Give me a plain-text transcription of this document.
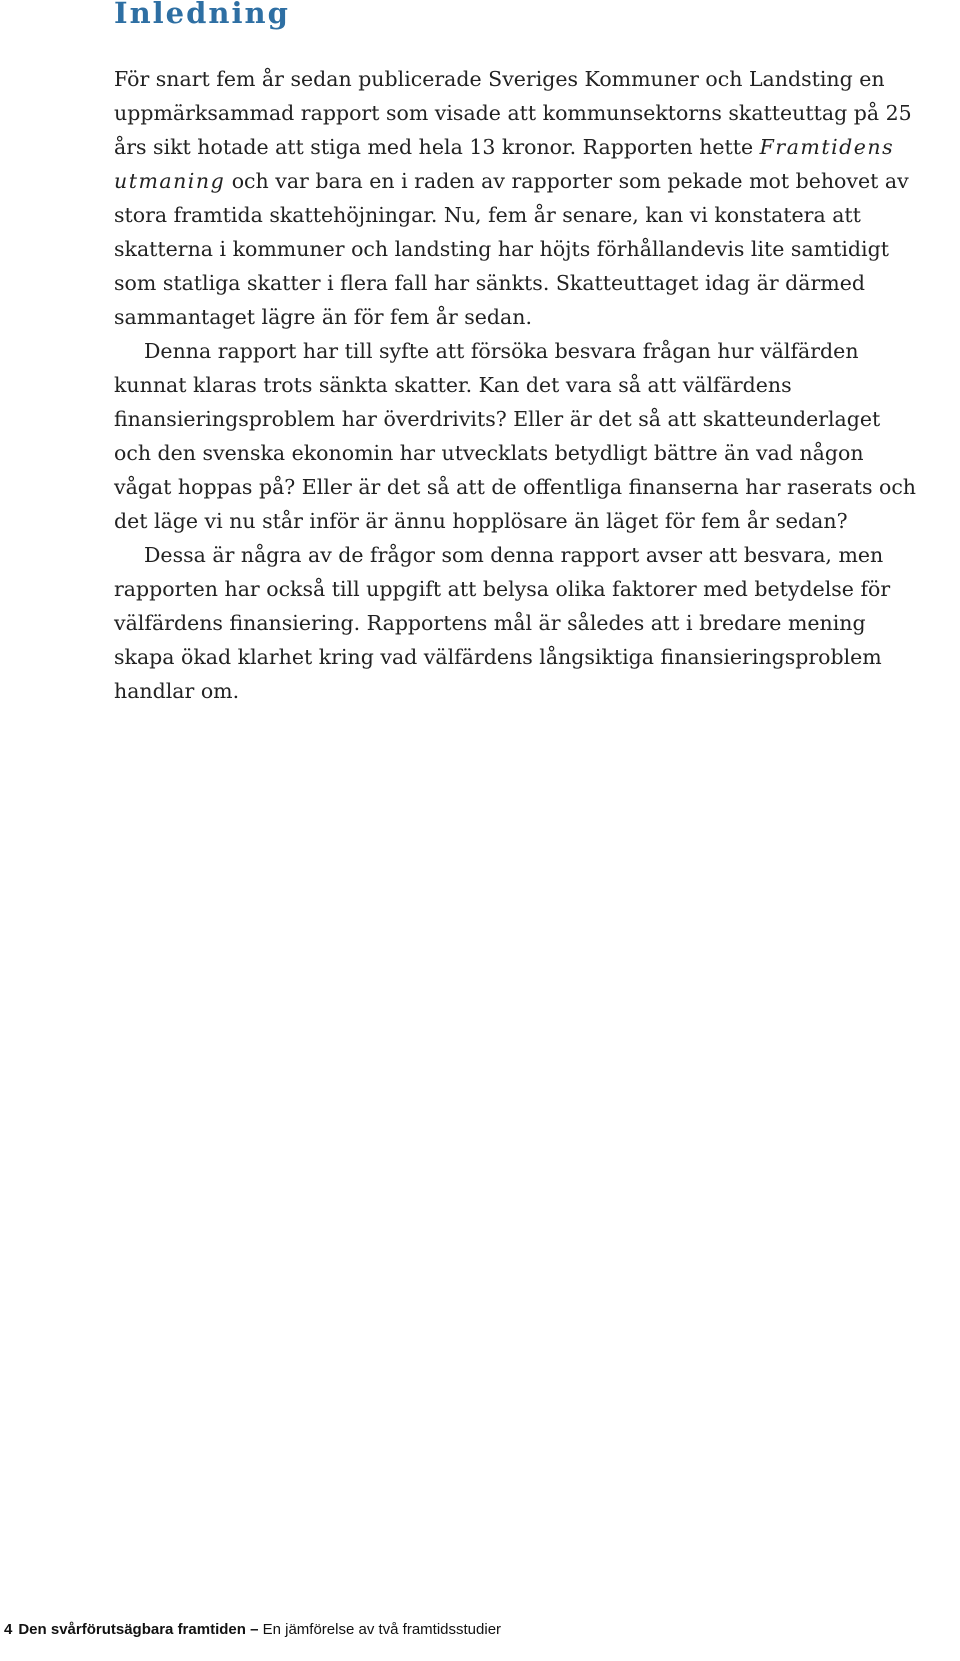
Inledning

För snart fem år sedan publicerade Sveriges Kommuner och Landsting en uppmärksammad rapport som visade att kommunsektorns skatteuttag på 25 års sikt hotade att stiga med hela 13 kronor. Rapporten hette Framtidens utmaning och var bara en i raden av rapporter som pekade mot behovet av stora framtida skattehöjningar. Nu, fem år senare, kan vi konstatera att skatterna i kommuner och landsting har höjts förhållandevis lite samtidigt som statliga skatter i flera fall har sänkts. Skatteuttaget idag är därmed sammantaget lägre än för fem år sedan.

Denna rapport har till syfte att försöka besvara frågan hur välfärden kunnat klaras trots sänkta skatter. Kan det vara så att välfärdens finansieringsproblem har överdrivits? Eller är det så att skatteunderlaget och den svenska ekonomin har utvecklats betydligt bättre än vad någon vågat hoppas på? Eller är det så att de offentliga finanserna har raserats och det läge vi nu står inför är ännu hopplösare än läget för fem år sedan?

Dessa är några av de frågor som denna rapport avser att besvara, men rapporten har också till uppgift att belysa olika faktorer med betydelse för välfärdens finansiering. Rapportens mål är således att i bredare mening skapa ökad klarhet kring vad välfärdens långsiktiga finansieringsproblem handlar om.

4 Den svårförutsägbara framtiden – En jämförelse av två framtidsstudier
